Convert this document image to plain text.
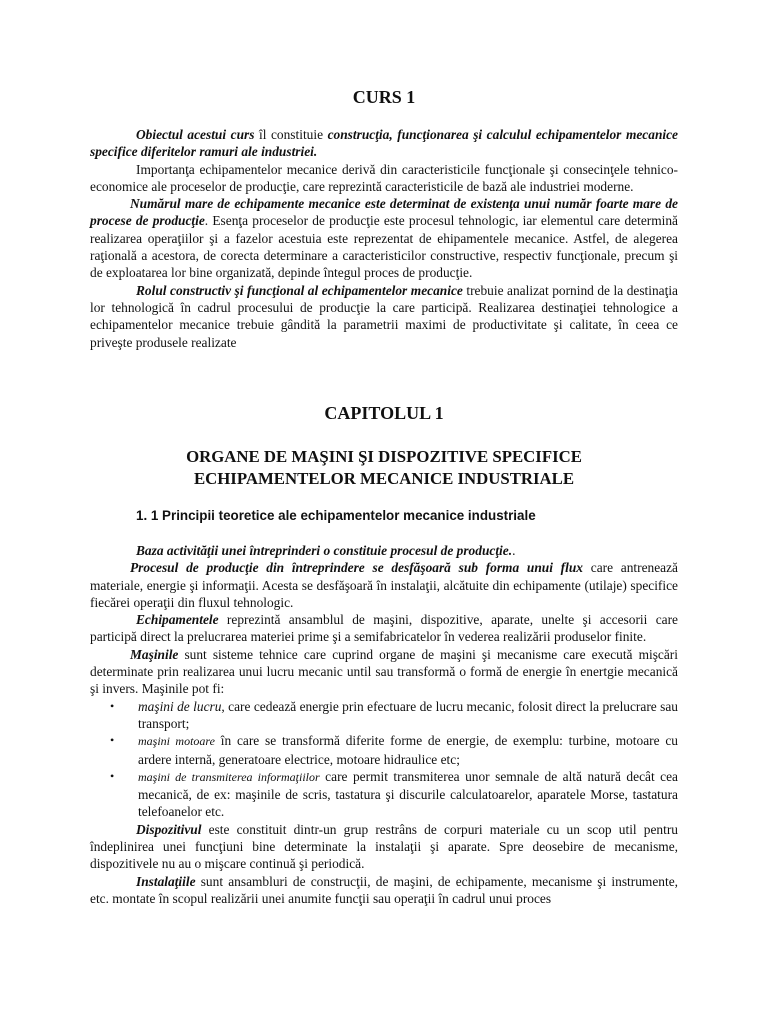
CURS 1

Obiectul acestui curs îl constituie construcţia, funcţionarea şi calculul echipamentelor mecanice specifice diferitelor ramuri ale industriei.

Importanţa echipamentelor mecanice derivă din caracteristicile funcţionale şi consecinţele tehnico-economice ale proceselor de producţie, care reprezintă caracteristicile de bază ale industriei moderne.

Numărul mare de echipamente mecanice este determinat de existenţa unui număr foarte mare de procese de producţie. Esenţa proceselor de producţie este procesul tehnologic, iar elementul care determină realizarea operaţiilor şi a fazelor acestuia este reprezentat de ehipamentele mecanice. Astfel, de alegerea raţională a acestora, de corecta determinare a caracteristicilor constructive, respectiv funcţionale, precum şi de exploatarea lor bine organizată, depinde întegul proces de producţie.

Rolul constructiv şi funcţional al echipamentelor mecanice trebuie analizat pornind de la destinaţia lor tehnologică în cadrul procesului de producţie la care participă. Realizarea destinaţiei tehnologice a echipamentelor mecanice trebuie gândită la parametrii maximi de productivitate şi calitate, în ceea ce priveşte produsele realizate

CAPITOLUL 1
ORGANE DE MAŞINI ŞI DISPOZITIVE SPECIFICE
ECHIPAMENTELOR MECANICE INDUSTRIALE
1. 1 Principii teoretice ale echipamentelor mecanice industriale

Baza activităţii unei întreprinderi o constituie procesul de producţie..

Procesul de producţie din întreprindere se desfăşoară sub forma unui flux care antrenează materiale, energie şi informaţii. Acesta se desfăşoară în instalaţii, alcătuite din echipamente (utilaje) specifice fiecărei operaţii din fluxul tehnologic.

Echipamentele reprezintă ansamblul de maşini, dispozitive, aparate, unelte şi accesorii care participă direct la prelucrarea materiei prime şi a semifabricatelor în vederea realizării produselor finite.

Maşinile sunt sisteme tehnice care cuprind organe de maşini şi mecanisme care execută mişcări determinate prin realizarea unui lucru mecanic until sau transformă o formă de energie în enertgie mecanică şi invers. Maşinile pot fi:

• maşini de lucru, care cedează energie prin efectuare de lucru mecanic, folosit direct la prelucrare sau transport;
• maşini motoare în care se transformă diferite forme de energie, de exemplu: turbine, motoare cu ardere internă, generatoare electrice, motoare hidraulice etc;
• maşini de transmiterea informaţiilor care permit transmiterea unor semnale de altă natură decât cea mecanică, de ex: maşinile de scris, tastatura şi discurile calculatoarelor, aparatele Morse, tastatura telefoanelor etc.

Dispozitivul este constituit dintr-un grup restrâns de corpuri materiale cu un scop util pentru îndeplinirea unei funcţiuni bine determinate la instalaţii şi aparate. Spre deosebire de mecanisme, dispozitivele nu au o mişcare continuă şi periodică.

Instalaţiile sunt ansambluri de construcţii, de maşini, de echipamente, mecanisme şi instrumente, etc. montate în scopul realizării unei anumite funcţii sau operaţii în cadrul unui proces
